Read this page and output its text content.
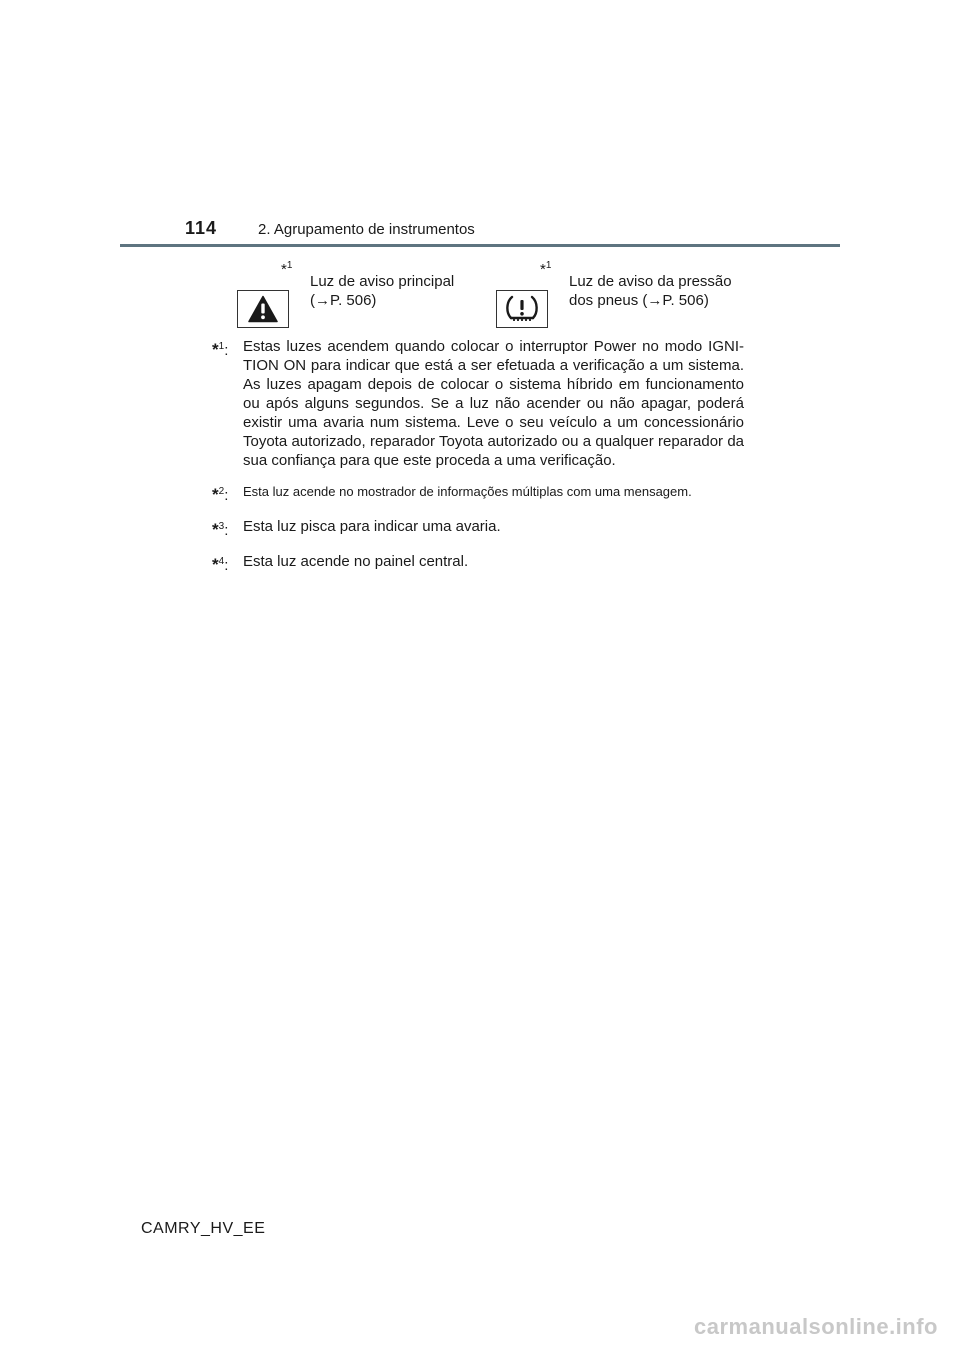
114	2. Agrupamento de instrumentos
*$^1$
Luz de aviso principal
(→P. 506)
*$^1$
Luz de aviso da pressão
dos pneus (→P. 506)
*$^1$: Estas luzes acendem quando colocar o interruptor Power no modo IGNI-TION ON para indicar que está a ser efetuada a verificação a um sistema. As luzes apagam depois de colocar o sistema híbrido em funcionamento ou após alguns segundos. Se a luz não acender ou não apagar, poderá existir uma avaria num sistema. Leve o seu veículo a um concessionário Toyota autorizado, reparador Toyota autorizado ou a qualquer reparador da sua confiança para que este proceda a uma verificação.
*$^2$:	Esta luz acende no mostrador de informações múltiplas com uma mensagem.
*$^3$: Esta luz pisca para indicar uma avaria.
*$^4$: Esta luz acende no painel central.
CAMRY_HV_EE
carmanualsonline.info
